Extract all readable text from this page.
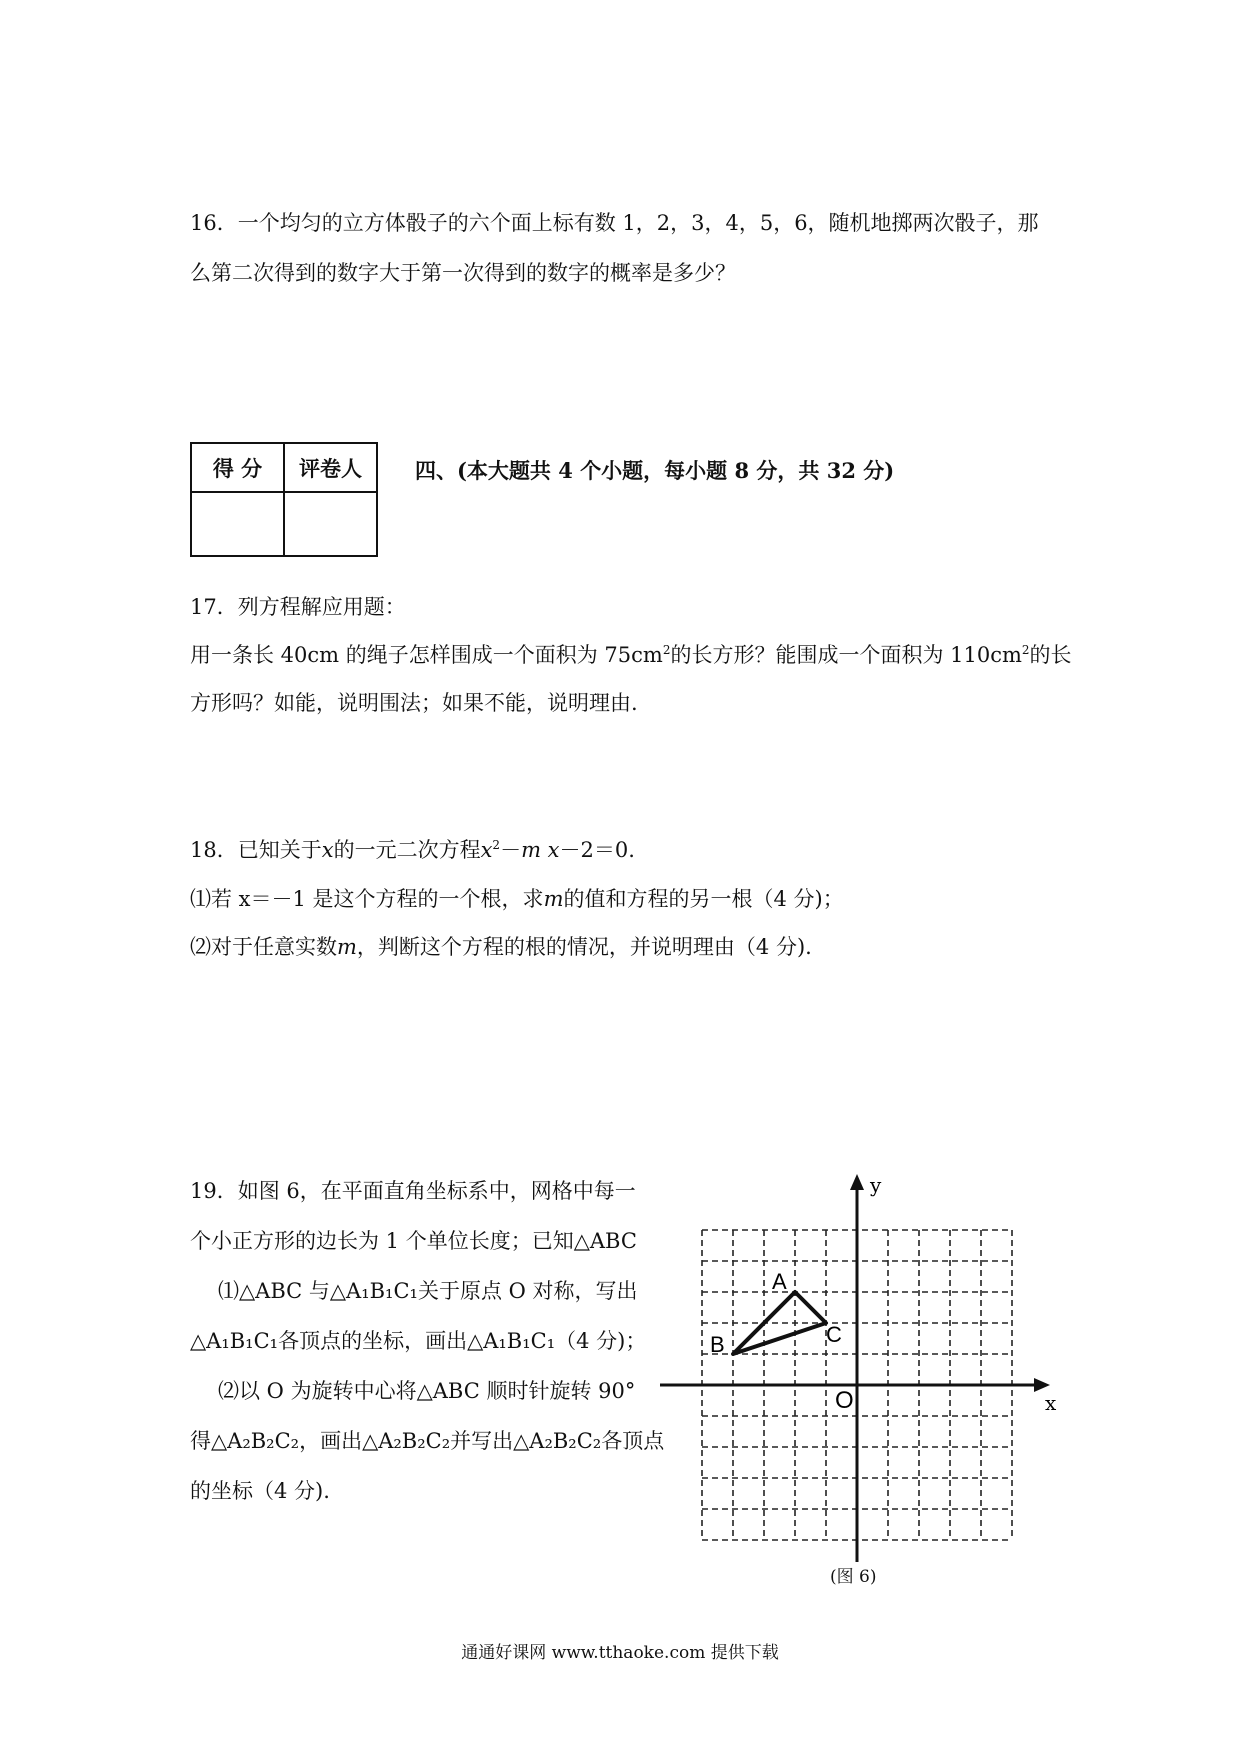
16．一个均匀的立方体骰子的六个面上标有数 1，2，3，4，5，6，随机地掷两次骰子，那
么第二次得到的数字大于第一次得到的数字的概率是多少？
得 分	评卷人
		四、(本大题共 4 个小题，每小题 8 分，共 32 分)
17．列方程解应用题：
用一条长 40cm 的绳子怎样围成一个面积为 $75cm^2$的长方形？能围成一个面积为 $110cm^2$的长
方形吗？如能，说明围法；如果不能，说明理由.
18．已知关于x的一元二次方程$x^2-m$ x－2＝0.
⑴若 x＝－1 是这个方程的一个根，求m的值和方程的另一根（4 分)；
⑵对于任意实数m，判断这个方程的根的情况，并说明理由（4 分).
19．如图 6，在平面直角坐标系中，网格中每一
个小正方形的边长为 1 个单位长度；已知△ABC
⑴△ABC 与△A₁B₁C₁关于原点 O 对称，写出
△A₁B₁C₁各顶点的坐标，画出△A₁B₁C₁（4 分)；
⑵以 O 为旋转中心将△ABC 顺时针旋转 90°
得△A₂B₂C₂，画出△A₂B₂C₂并写出△A₂B₂C₂各顶点
的坐标（4 分).
x
y
O
A
B	C
(图 6)
通通好课网 www.tthaoke.com 提供下载
